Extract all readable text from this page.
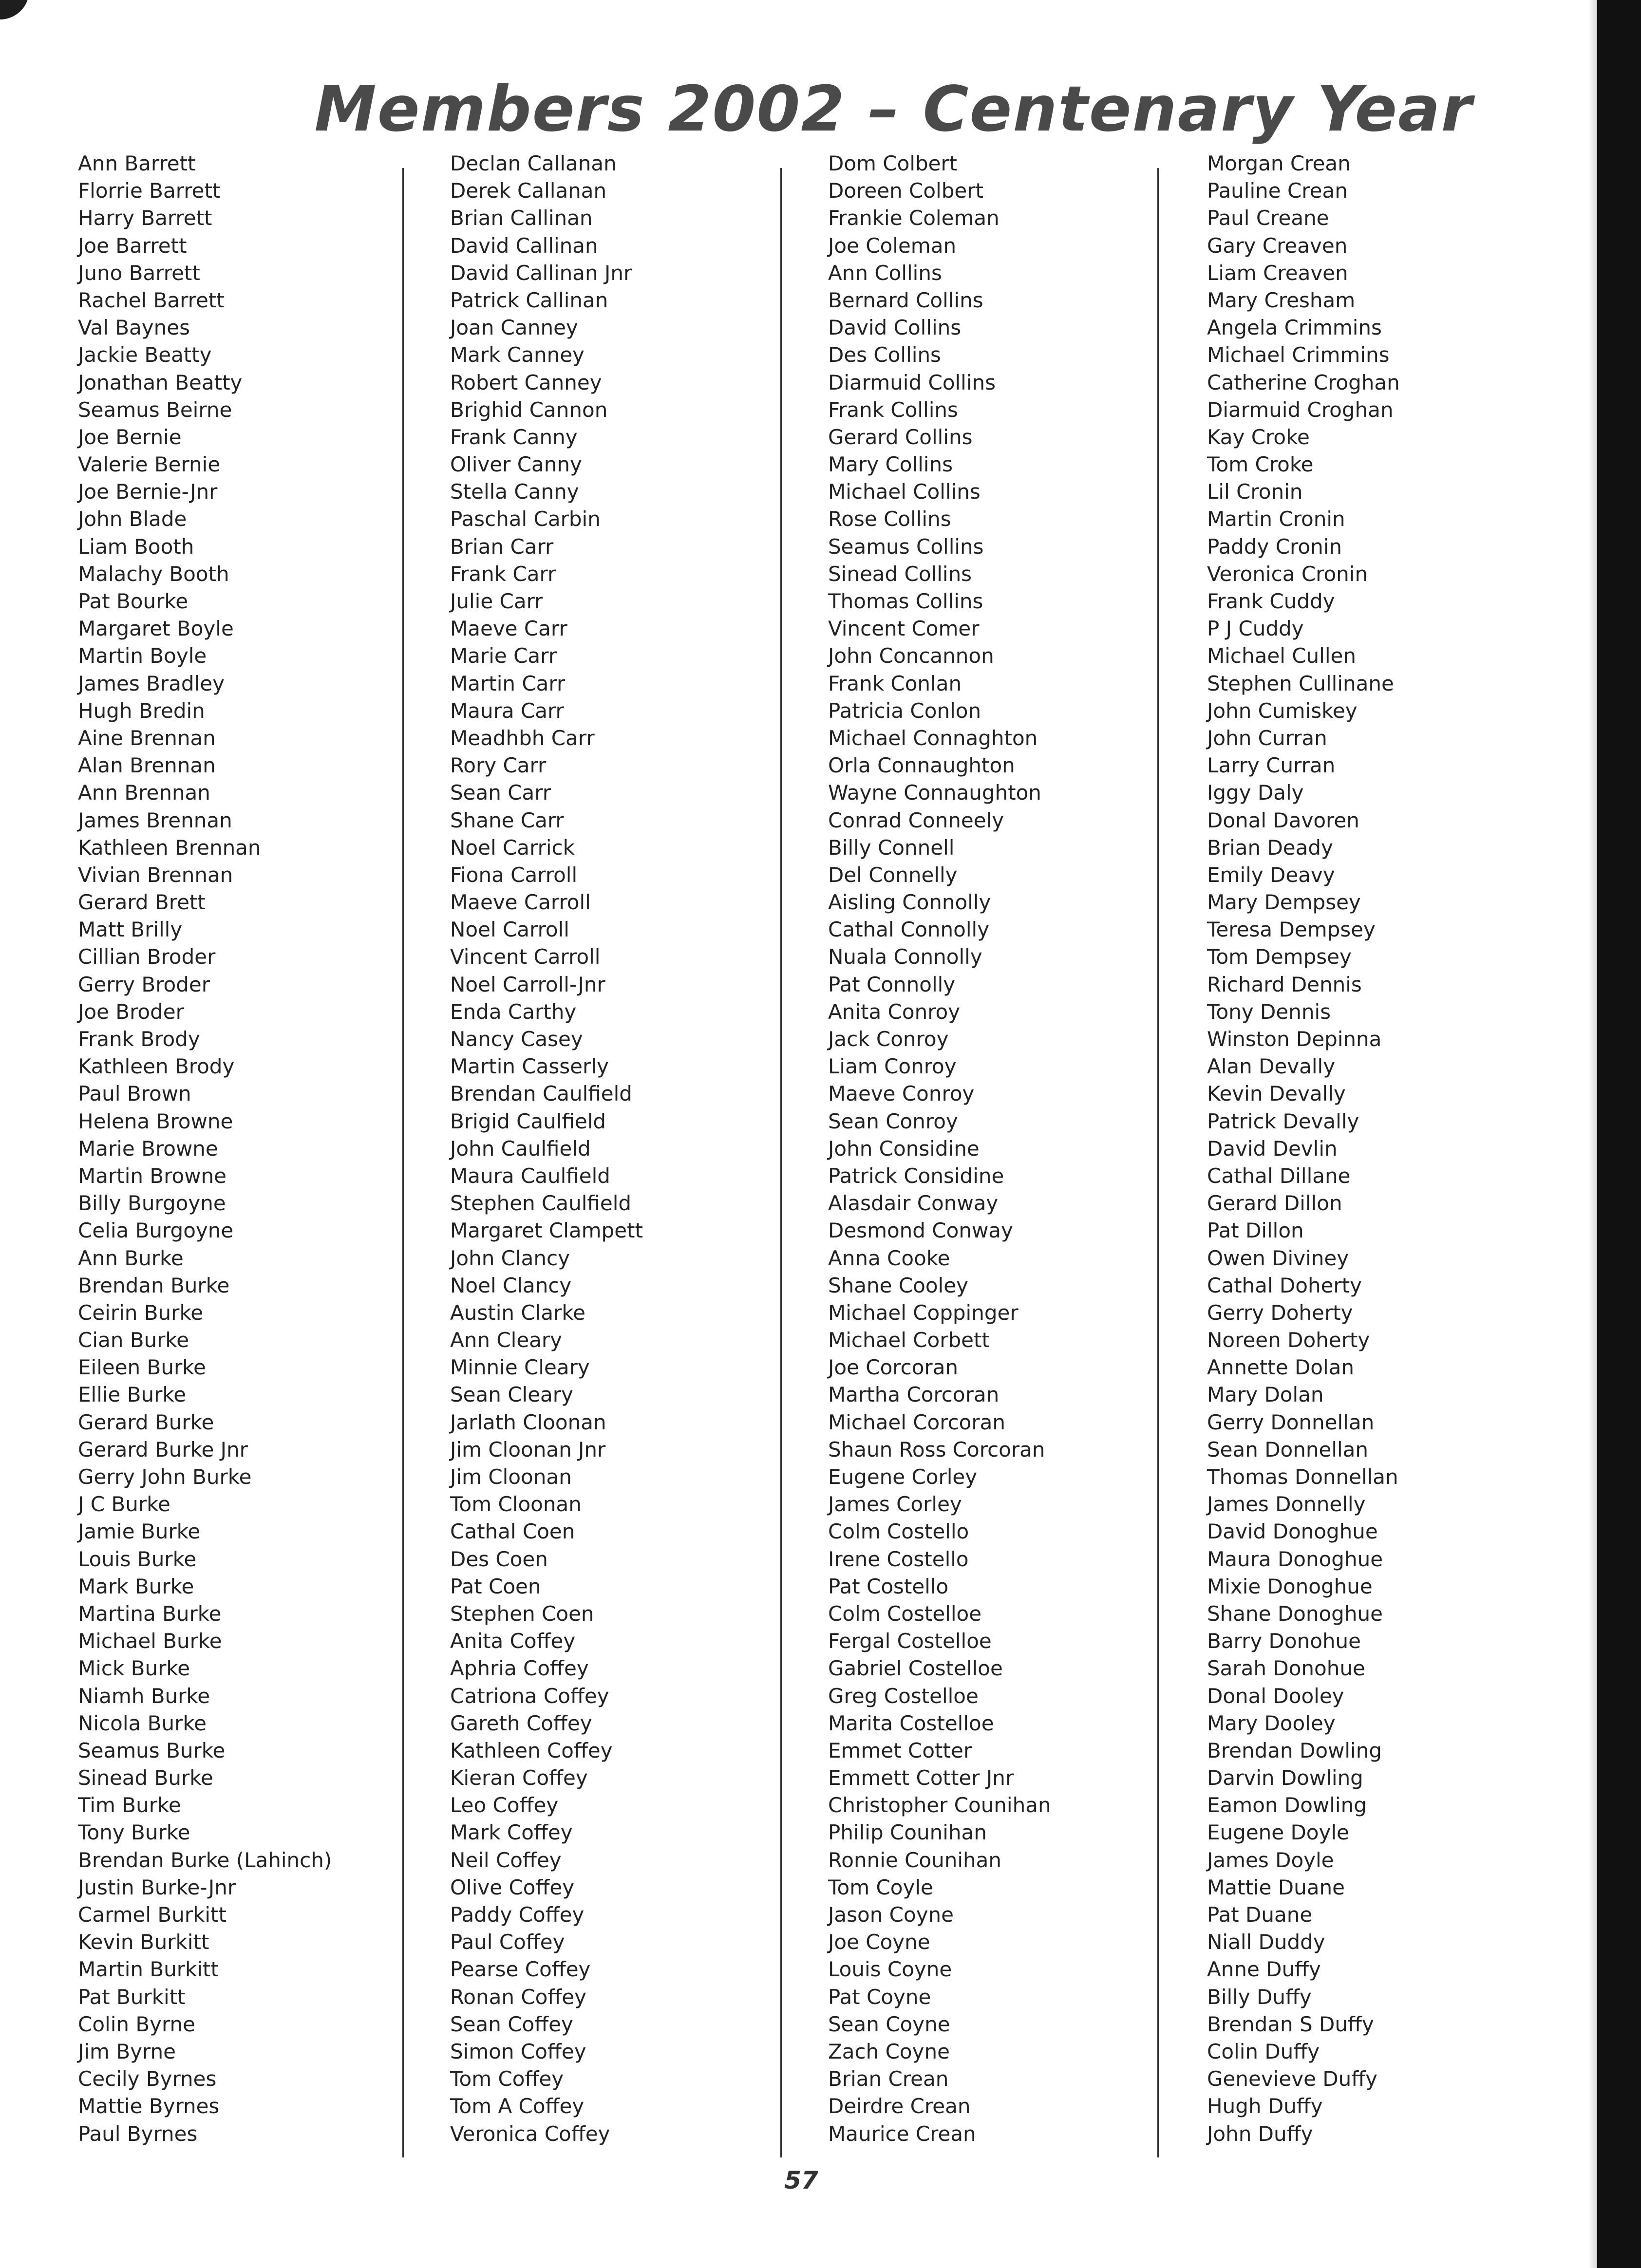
Members 2002 – Centenary Year
Ann Barrett
Florrie Barrett
Harry Barrett
Joe Barrett
Juno Barrett
Rachel Barrett
Val Baynes
Jackie Beatty
Jonathan Beatty
Seamus Beirne
Joe Bernie
Valerie Bernie
Joe Bernie-Jnr
John Blade
Liam Booth
Malachy Booth
Pat Bourke
Margaret Boyle
Martin Boyle
James Bradley
Hugh Bredin
Aine Brennan
Alan Brennan
Ann Brennan
James Brennan
Kathleen Brennan
Vivian Brennan
Gerard Brett
Matt Brilly
Cillian Broder
Gerry Broder
Joe Broder
Frank Brody
Kathleen Brody
Paul Brown
Helena Browne
Marie Browne
Martin Browne
Billy Burgoyne
Celia Burgoyne
Ann Burke
Brendan Burke
Ceirin Burke
Cian Burke
Eileen Burke
Ellie Burke
Gerard Burke
Gerard Burke Jnr
Gerry John Burke
J C Burke
Jamie Burke
Louis Burke
Mark Burke
Martina Burke
Michael Burke
Mick Burke
Niamh Burke
Nicola Burke
Seamus Burke
Sinead Burke
Tim Burke
Tony Burke
Brendan Burke (Lahinch)
Justin Burke-Jnr
Carmel Burkitt
Kevin Burkitt
Martin Burkitt
Pat Burkitt
Colin Byrne
Jim Byrne
Cecily Byrnes
Mattie Byrnes
Paul Byrnes
Declan Callanan
Derek Callanan
Brian Callinan
David Callinan
David Callinan Jnr
Patrick Callinan
Joan Canney
Mark Canney
Robert Canney
Brighid Cannon
Frank Canny
Oliver Canny
Stella Canny
Paschal Carbin
Brian Carr
Frank Carr
Julie Carr
Maeve Carr
Marie Carr
Martin Carr
Maura Carr
Meadhbh Carr
Rory Carr
Sean Carr
Shane Carr
Noel Carrick
Fiona Carroll
Maeve Carroll
Noel Carroll
Vincent Carroll
Noel Carroll-Jnr
Enda Carthy
Nancy Casey
Martin Casserly
Brendan Caulfield
Brigid Caulfield
John Caulfield
Maura Caulfield
Stephen Caulfield
Margaret Clampett
John Clancy
Noel Clancy
Austin Clarke
Ann Cleary
Minnie Cleary
Sean Cleary
Jarlath Cloonan
Jim Cloonan Jnr
Jim Cloonan
Tom Cloonan
Cathal Coen
Des Coen
Pat Coen
Stephen Coen
Anita Coffey
Aphria Coffey
Catriona Coffey
Gareth Coffey
Kathleen Coffey
Kieran Coffey
Leo Coffey
Mark Coffey
Neil Coffey
Olive Coffey
Paddy Coffey
Paul Coffey
Pearse Coffey
Ronan Coffey
Sean Coffey
Simon Coffey
Tom Coffey
Tom A Coffey
Veronica Coffey
Dom Colbert
Doreen Colbert
Frankie Coleman
Joe Coleman
Ann Collins
Bernard Collins
David Collins
Des Collins
Diarmuid Collins
Frank Collins
Gerard Collins
Mary Collins
Michael Collins
Rose Collins
Seamus Collins
Sinead Collins
Thomas Collins
Vincent Comer
John Concannon
Frank Conlan
Patricia Conlon
Michael Connaghton
Orla Connaughton
Wayne Connaughton
Conrad Conneely
Billy Connell
Del Connelly
Aisling Connolly
Cathal Connolly
Nuala Connolly
Pat Connolly
Anita Conroy
Jack Conroy
Liam Conroy
Maeve Conroy
Sean Conroy
John Considine
Patrick Considine
Alasdair Conway
Desmond Conway
Anna Cooke
Shane Cooley
Michael Coppinger
Michael Corbett
Joe Corcoran
Martha Corcoran
Michael Corcoran
Shaun Ross Corcoran
Eugene Corley
James Corley
Colm Costello
Irene Costello
Pat Costello
Colm Costelloe
Fergal Costelloe
Gabriel Costelloe
Greg Costelloe
Marita Costelloe
Emmet Cotter
Emmett Cotter Jnr
Christopher Counihan
Philip Counihan
Ronnie Counihan
Tom Coyle
Jason Coyne
Joe Coyne
Louis Coyne
Pat Coyne
Sean Coyne
Zach Coyne
Brian Crean
Deirdre Crean
Maurice Crean
Morgan Crean
Pauline Crean
Paul Creane
Gary Creaven
Liam Creaven
Mary Cresham
Angela Crimmins
Michael Crimmins
Catherine Croghan
Diarmuid Croghan
Kay Croke
Tom Croke
Lil Cronin
Martin Cronin
Paddy Cronin
Veronica Cronin
Frank Cuddy
P J Cuddy
Michael Cullen
Stephen Cullinane
John Cumiskey
John Curran
Larry Curran
Iggy Daly
Donal Davoren
Brian Deady
Emily Deavy
Mary Dempsey
Teresa Dempsey
Tom Dempsey
Richard Dennis
Tony Dennis
Winston Depinna
Alan Devally
Kevin Devally
Patrick Devally
David Devlin
Cathal Dillane
Gerard Dillon
Pat Dillon
Owen Diviney
Cathal Doherty
Gerry Doherty
Noreen Doherty
Annette Dolan
Mary Dolan
Gerry Donnellan
Sean Donnellan
Thomas Donnellan
James Donnelly
David Donoghue
Maura Donoghue
Mixie Donoghue
Shane Donoghue
Barry Donohue
Sarah Donohue
Donal Dooley
Mary Dooley
Brendan Dowling
Darvin Dowling
Eamon Dowling
Eugene Doyle
James Doyle
Mattie Duane
Pat Duane
Niall Duddy
Anne Duffy
Billy Duffy
Brendan S Duffy
Colin Duffy
Genevieve Duffy
Hugh Duffy
John Duffy
57
